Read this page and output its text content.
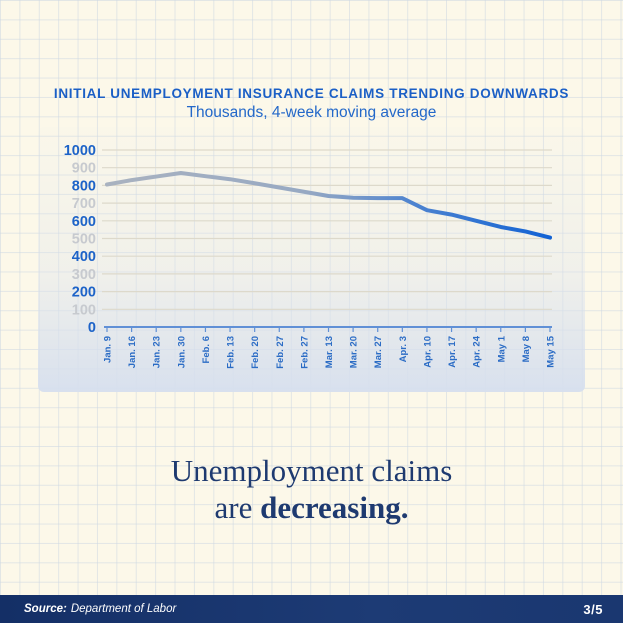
INITIAL UNEMPLOYMENT INSURANCE CLAIMS TRENDING DOWNWARDS
Thousands, 4-week moving average
0
100
200
300
400
500
600
700
800
900
1000
Jan. 9 Jan. 16 Jan. 23 Jan. 30 Feb. 6 Feb. 13 Feb. 20 Feb. 27 Feb. 27 Mar. 13 Mar. 20 Mar. 27 Apr. 3 Apr. 10 Apr. 17 Apr. 24 May 1 May 8 May 15
Unemployment claims
are decreasing.
Source: Department of Labor	3/5
